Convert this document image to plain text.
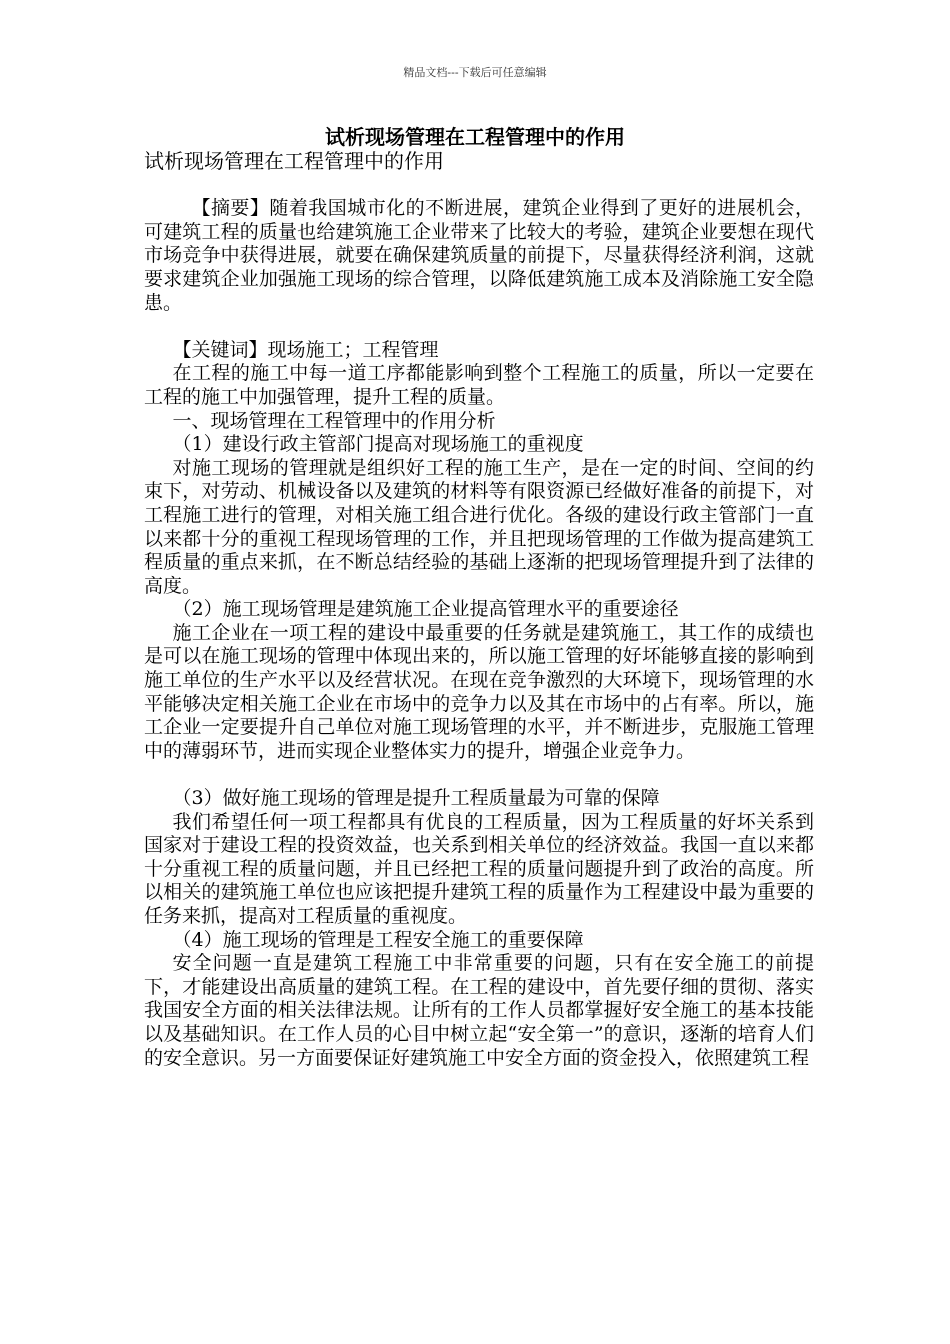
精品文档---下载后可任意编辑
试析现场管理在工程管理中的作用

试析现场管理在工程管理中的作用

【摘要】随着我国城市化的不断进展，建筑企业得到了更好的进展机会，可建筑工程的质量也给建筑施工企业带来了比较大的考验，建筑企业要想在现代市场竞争中获得进展，就要在确保建筑质量的前提下，尽量获得经济利润，这就要求建筑企业加强施工现场的综合管理，以降低建筑施工成本及消除施工安全隐患。

【关键词】现场施工；工程管理

在工程的施工中每一道工序都能影响到整个工程施工的质量，所以一定要在工程的施工中加强管理，提升工程的质量。

一、现场管理在工程管理中的作用分析

（1）建设行政主管部门提高对现场施工的重视度

对施工现场的管理就是组织好工程的施工生产，是在一定的时间、空间的约束下，对劳动、机械设备以及建筑的材料等有限资源已经做好准备的前提下，对工程施工进行的管理，对相关施工组合进行优化。各级的建设行政主管部门一直以来都十分的重视工程现场管理的工作，并且把现场管理的工作做为提高建筑工程质量的重点来抓，在不断总结经验的基础上逐渐的把现场管理提升到了法律的高度。

（2）施工现场管理是建筑施工企业提高管理水平的重要途径

施工企业在一项工程的建设中最重要的任务就是建筑施工，其工作的成绩也是可以在施工现场的管理中体现出来的，所以施工管理的好坏能够直接的影响到施工单位的生产水平以及经营状况。在现在竞争激烈的大环境下，现场管理的水平能够决定相关施工企业在市场中的竞争力以及其在市场中的占有率。所以，施工企业一定要提升自己单位对施工现场管理的水平，并不断进步，克服施工管理中的薄弱环节，进而实现企业整体实力的提升，增强企业竞争力。

（3）做好施工现场的管理是提升工程质量最为可靠的保障

我们希望任何一项工程都具有优良的工程质量，因为工程质量的好坏关系到国家对于建设工程的投资效益，也关系到相关单位的经济效益。我国一直以来都十分重视工程的质量问题，并且已经把工程的质量问题提升到了政治的高度。所以相关的建筑施工单位也应该把提升建筑工程的质量作为工程建设中最为重要的任务来抓，提高对工程质量的重视度。

（4）施工现场的管理是工程安全施工的重要保障

安全问题一直是建筑工程施工中非常重要的问题，只有在安全施工的前提下，才能建设出高质量的建筑工程。在工程的建设中，首先要仔细的贯彻、落实我国安全方面的相关法律法规。让所有的工作人员都掌握好安全施工的基本技能以及基础知识。在工作人员的心目中树立起“安全第一”的意识，逐渐的培育人们的安全意识。另一方面要保证好建筑施工中安全方面的资金投入，依照建筑工程
